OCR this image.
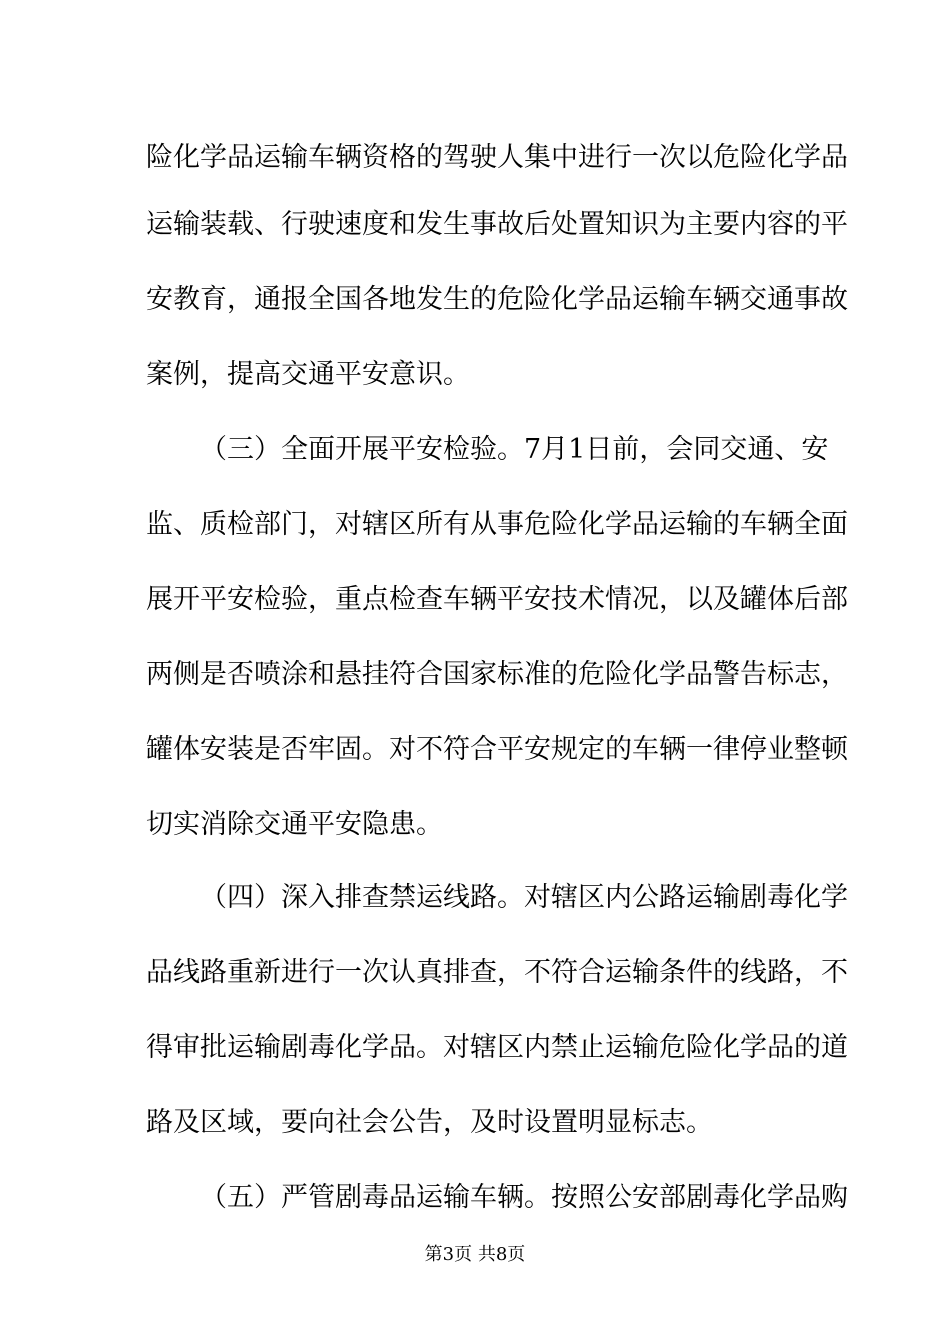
险化学品运输车辆资格的驾驶人集中进行一次以危险化学品
运输装载、行驶速度和发生事故后处置知识为主要内容的平
安教育，通报全国各地发生的危险化学品运输车辆交通事故
案例，提高交通平安意识。
（三）全面开展平安检验。7月1日前，会同交通、安
监、质检部门，对辖区所有从事危险化学品运输的车辆全面
展开平安检验，重点检查车辆平安技术情况，以及罐体后部
两侧是否喷涂和悬挂符合国家标准的危险化学品警告标志，
罐体安装是否牢固。对不符合平安规定的车辆一律停业整顿
切实消除交通平安隐患。
（四）深入排查禁运线路。对辖区内公路运输剧毒化学
品线路重新进行一次认真排查，不符合运输条件的线路，不
得审批运输剧毒化学品。对辖区内禁止运输危险化学品的道
路及区域，要向社会公告，及时设置明显标志。
（五）严管剧毒品运输车辆。按照公安部剧毒化学品购
第3页 共8页
